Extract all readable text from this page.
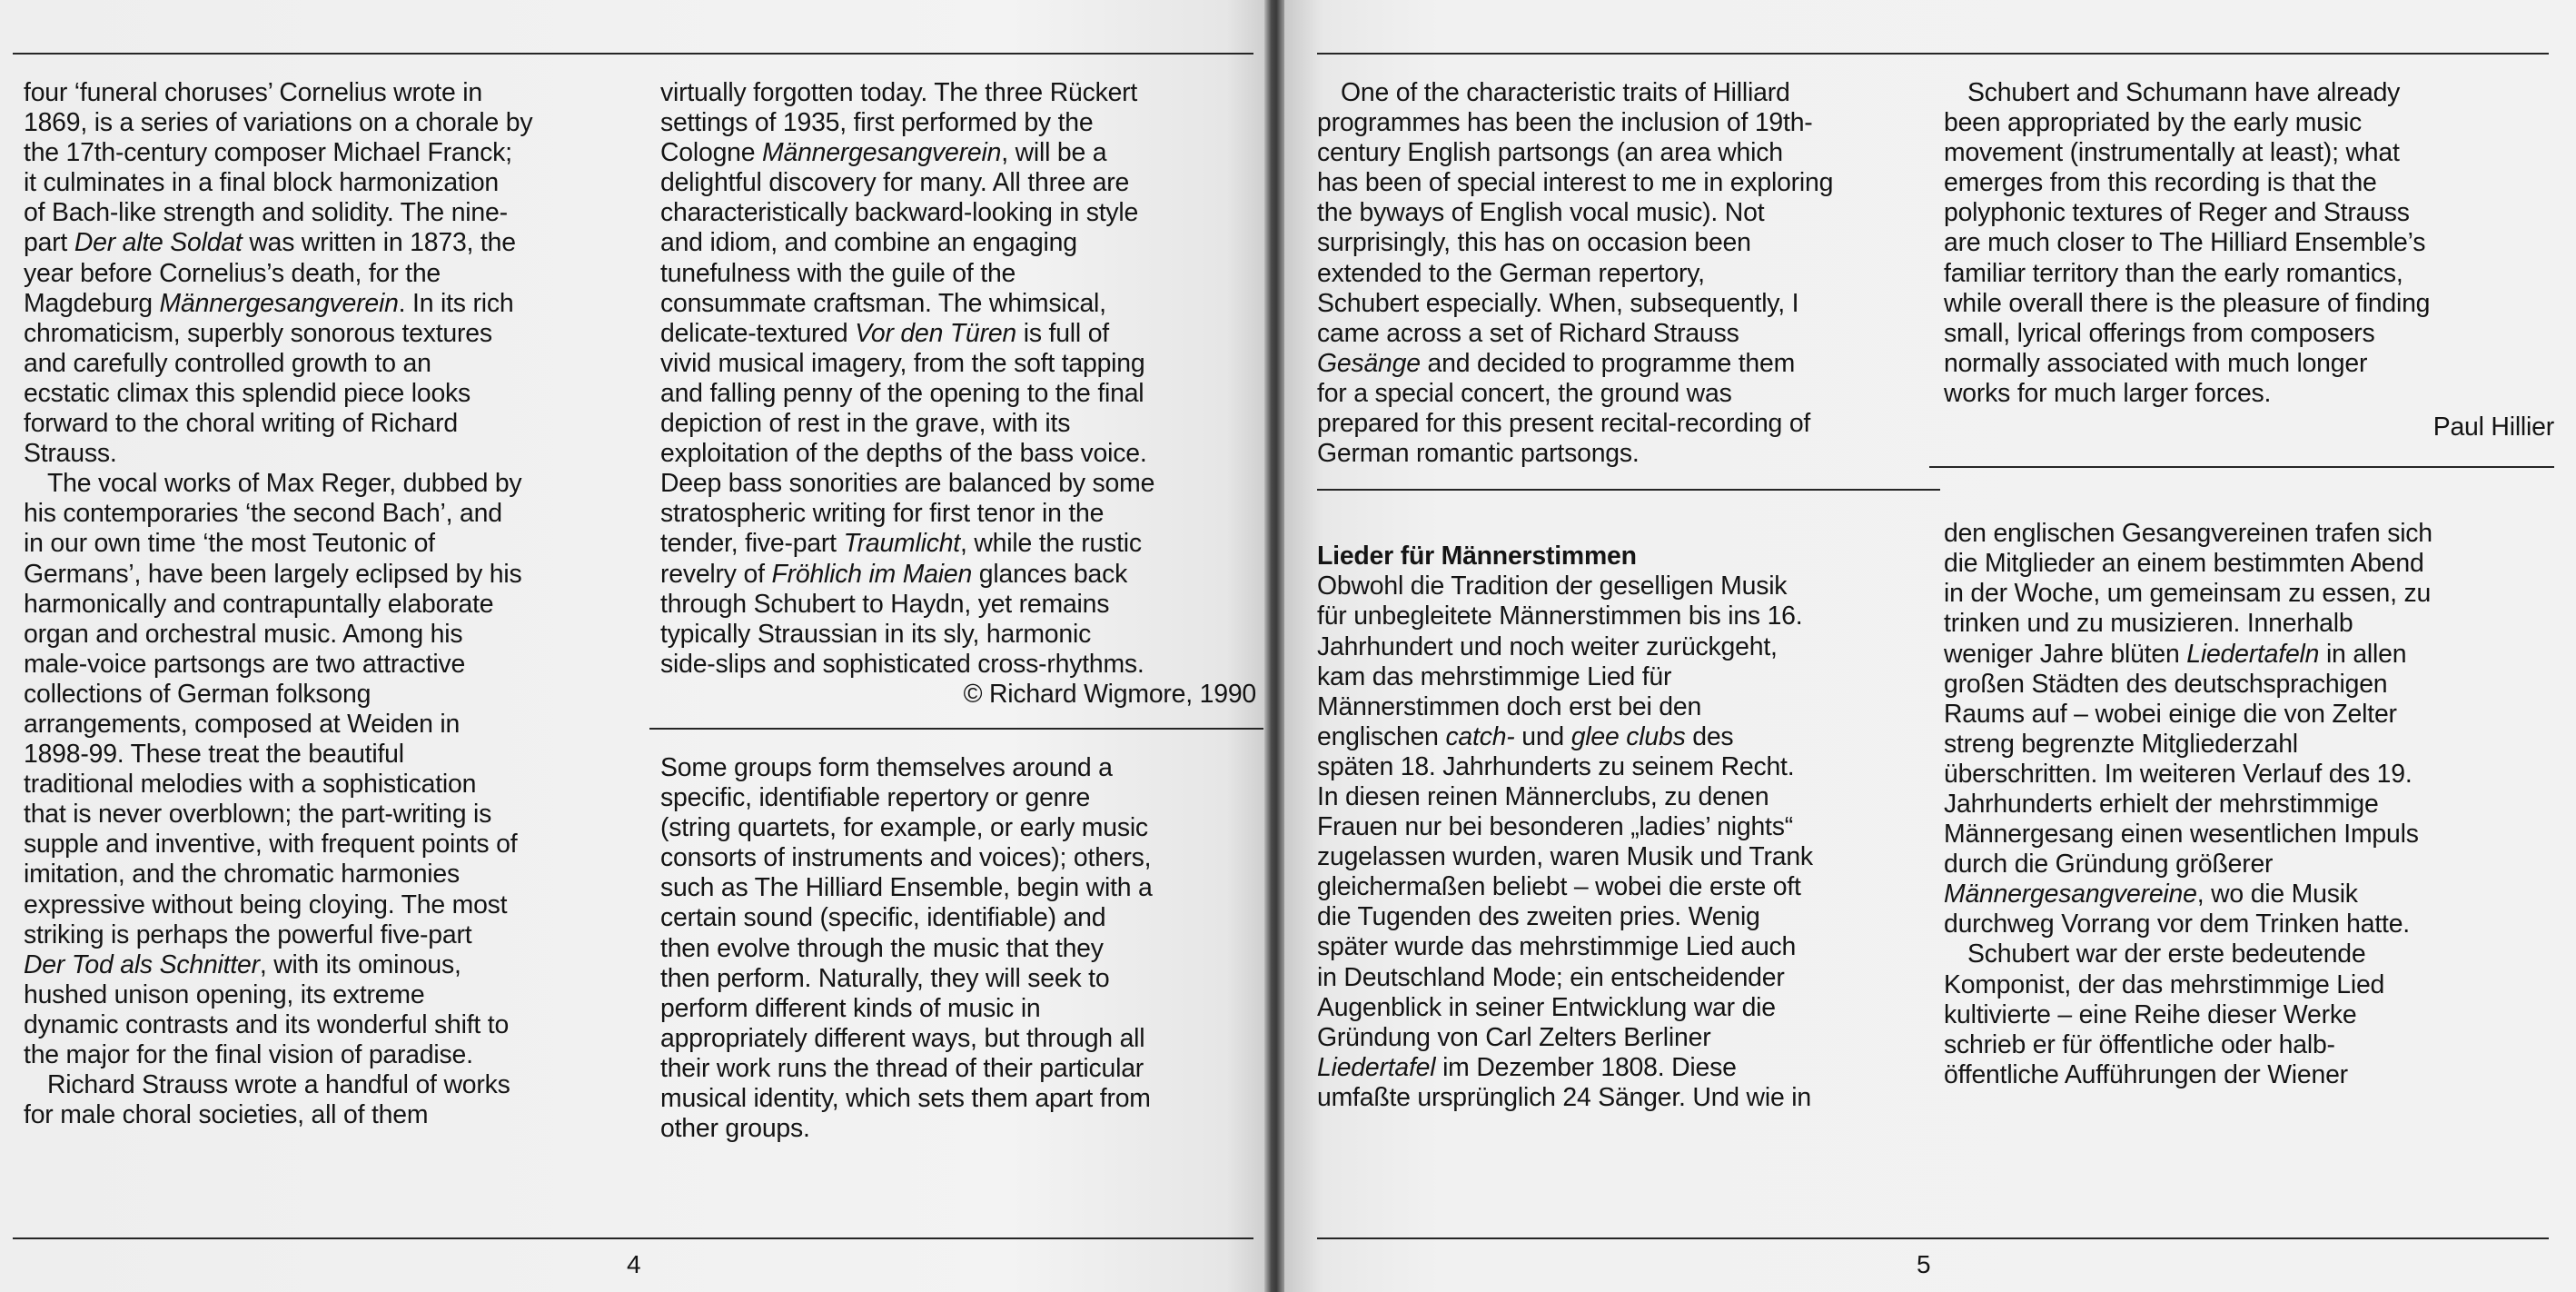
four ‘funeral choruses’ Cornelius wrote in
1869, is a series of variations on a chorale by
the 17th-century composer Michael Franck;
it culminates in a final block harmonization
of Bach-like strength and solidity. The nine-
part Der alte Soldat was written in 1873, the
year before Cornelius’s death, for the
Magdeburg Männergesangverein. In its rich
chromaticism, superbly sonorous textures
and carefully controlled growth to an
ecstatic climax this splendid piece looks
forward to the choral writing of Richard
Strauss.

The vocal works of Max Reger, dubbed by
his contemporaries ‘the second Bach’, and
in our own time ‘the most Teutonic of
Germans’, have been largely eclipsed by his
harmonically and contrapuntally elaborate
organ and orchestral music. Among his
male-voice partsongs are two attractive
collections of German folksong
arrangements, composed at Weiden in
1898-99. These treat the beautiful
traditional melodies with a sophistication
that is never overblown; the part-writing is
supple and inventive, with frequent points of
imitation, and the chromatic harmonies
expressive without being cloying. The most
striking is perhaps the powerful five-part
Der Tod als Schnitter, with its ominous,
hushed unison opening, its extreme
dynamic contrasts and its wonderful shift to
the major for the final vision of paradise.

Richard Strauss wrote a handful of works
for male choral societies, all of them

virtually forgotten today. The three Rückert
settings of 1935, first performed by the
Cologne Männergesangverein, will be a
delightful discovery for many. All three are
characteristically backward-looking in style
and idiom, and combine an engaging
tunefulness with the guile of the
consummate craftsman. The whimsical,
delicate-textured Vor den Türen is full of
vivid musical imagery, from the soft tapping
and falling penny of the opening to the final
depiction of rest in the grave, with its
exploitation of the depths of the bass voice.
Deep bass sonorities are balanced by some
stratospheric writing for first tenor in the
tender, five-part Traumlicht, while the rustic
revelry of Fröhlich im Maien glances back
through Schubert to Haydn, yet remains
typically Straussian in its sly, harmonic
side-slips and sophisticated cross-rhythms.

© Richard Wigmore, 1990

Some groups form themselves around a
specific, identifiable repertory or genre
(string quartets, for example, or early music
consorts of instruments and voices); others,
such as The Hilliard Ensemble, begin with a
certain sound (specific, identifiable) and
then evolve through the music that they
then perform. Naturally, they will seek to
perform different kinds of music in
appropriately different ways, but through all
their work runs the thread of their particular
musical identity, which sets them apart from
other groups.

4

One of the characteristic traits of Hilliard
programmes has been the inclusion of 19th-
century English partsongs (an area which
has been of special interest to me in exploring
the byways of English vocal music). Not
surprisingly, this has on occasion been
extended to the German repertory,
Schubert especially. When, subsequently, I
came across a set of Richard Strauss
Gesänge and decided to programme them
for a special concert, the ground was
prepared for this present recital-recording of
German romantic partsongs.

Lieder für Männerstimmen

Obwohl die Tradition der geselligen Musik
für unbegleitete Männerstimmen bis ins 16.
Jahrhundert und noch weiter zurückgeht,
kam das mehrstimmige Lied für
Männerstimmen doch erst bei den
englischen catch- und glee clubs des
späten 18. Jahrhunderts zu seinem Recht.
In diesen reinen Männerclubs, zu denen
Frauen nur bei besonderen „ladies’ nights“
zugelassen wurden, waren Musik und Trank
gleichermaßen beliebt – wobei die erste oft
die Tugenden des zweiten pries. Wenig
später wurde das mehrstimmige Lied auch
in Deutschland Mode; ein entscheidender
Augenblick in seiner Entwicklung war die
Gründung von Carl Zelters Berliner
Liedertafel im Dezember 1808. Diese
umfaßte ursprünglich 24 Sänger. Und wie in

Schubert and Schumann have already
been appropriated by the early music
movement (instrumentally at least); what
emerges from this recording is that the
polyphonic textures of Reger and Strauss
are much closer to The Hilliard Ensemble’s
familiar territory than the early romantics,
while overall there is the pleasure of finding
small, lyrical offerings from composers
normally associated with much longer
works for much larger forces.

Paul Hillier

den englischen Gesangvereinen trafen sich
die Mitglieder an einem bestimmten Abend
in der Woche, um gemeinsam zu essen, zu
trinken und zu musizieren. Innerhalb
weniger Jahre blüten Liedertafeln in allen
großen Städten des deutschsprachigen
Raums auf – wobei einige die von Zelter
streng begrenzte Mitgliederzahl
überschritten. Im weiteren Verlauf des 19.
Jahrhunderts erhielt der mehrstimmige
Männergesang einen wesentlichen Impuls
durch die Gründung größerer
Männergesangvereine, wo die Musik
durchweg Vorrang vor dem Trinken hatte.

Schubert war der erste bedeutende
Komponist, der das mehrstimmige Lied
kultivierte – eine Reihe dieser Werke
schrieb er für öffentliche oder halb-
öffentliche Aufführungen der Wiener

5
